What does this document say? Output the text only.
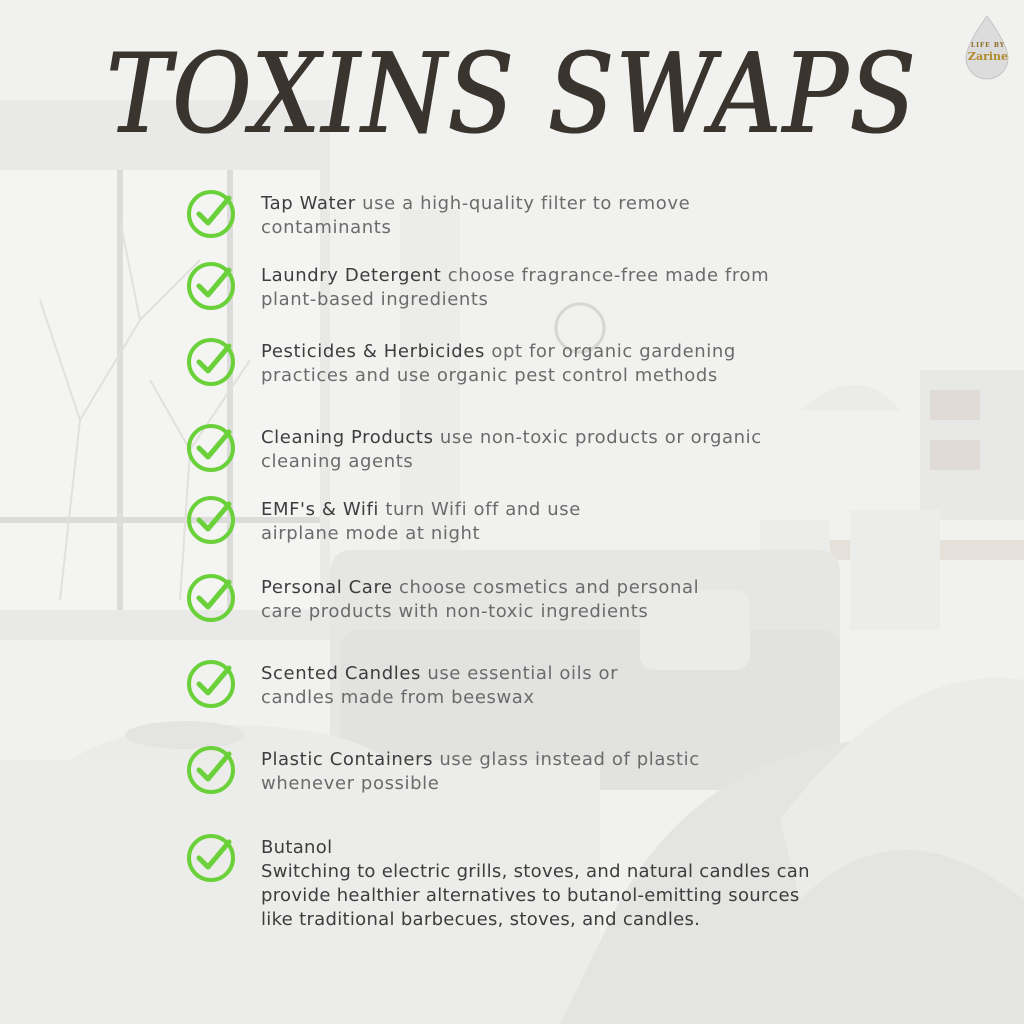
TOXINS SWAPS	LIFE BY
Zarine
Tap Water use a high-quality filter to remove contaminants
Laundry Detergent choose fragrance-free made from plant-based ingredients
Pesticides & Herbicides opt for organic gardening practices and use organic pest control methods
Cleaning Products use non-toxic products or organic cleaning agents
EMF's & Wifi turn Wifi off and use airplane mode at night
Personal Care choose cosmetics and personal care products with non-toxic ingredients
Scented Candles use essential oils or candles made from beeswax
Plastic Containers use glass instead of plastic whenever possible
Butanol
Switching to electric grills, stoves, and natural candles can provide healthier alternatives to butanol-emitting sources like traditional barbecues, stoves, and candles.
